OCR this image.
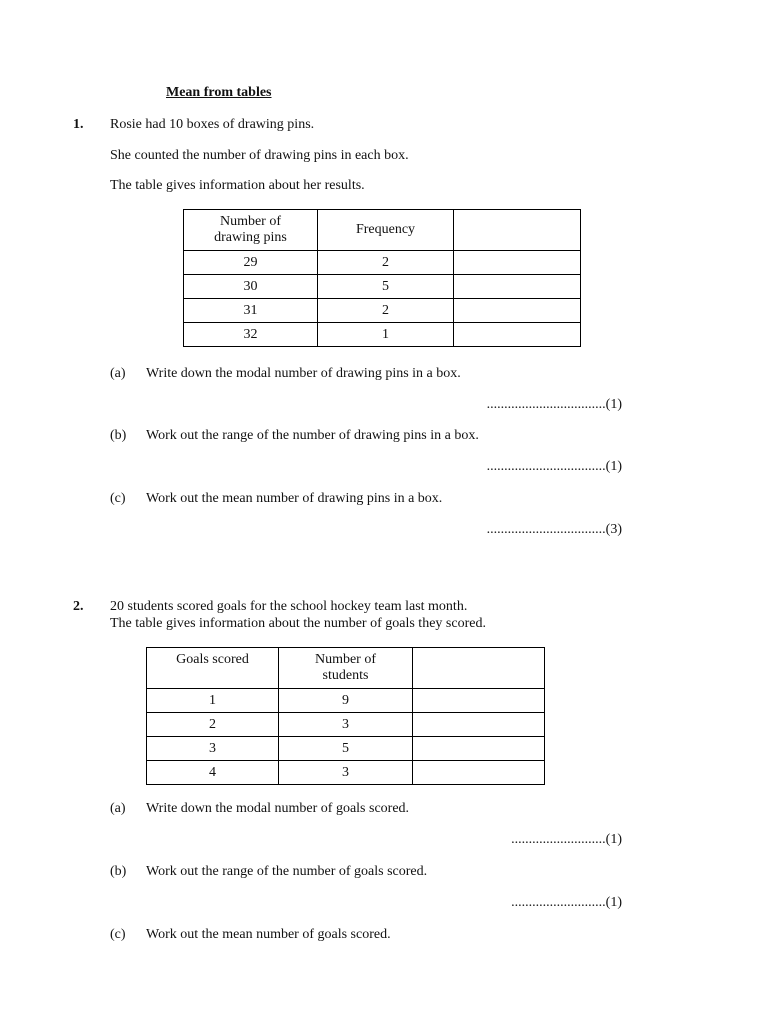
Mean from tables
1. Rosie had 10 boxes of drawing pins.
She counted the number of drawing pins in each box.
The table gives information about her results.
Number of drawing pins	Frequency	
29	2	
30	5	
31	2	
32	1	
(a) Write down the modal number of drawing pins in a box.
..................................(1)
(b) Work out the range of the number of drawing pins in a box.
..................................(1)
(c) Work out the mean number of drawing pins in a box.
..................................(3)
2. 20 students scored goals for the school hockey team last month.
The table gives information about the number of goals they scored.
Goals scored	Number of students	

1	9	
2	3	
3	5	
4	3	
(a) Write down the modal number of goals scored.
...........................(1)
(b) Work out the range of the number of goals scored.
...........................(1)
(c) Work out the mean number of goals scored.
